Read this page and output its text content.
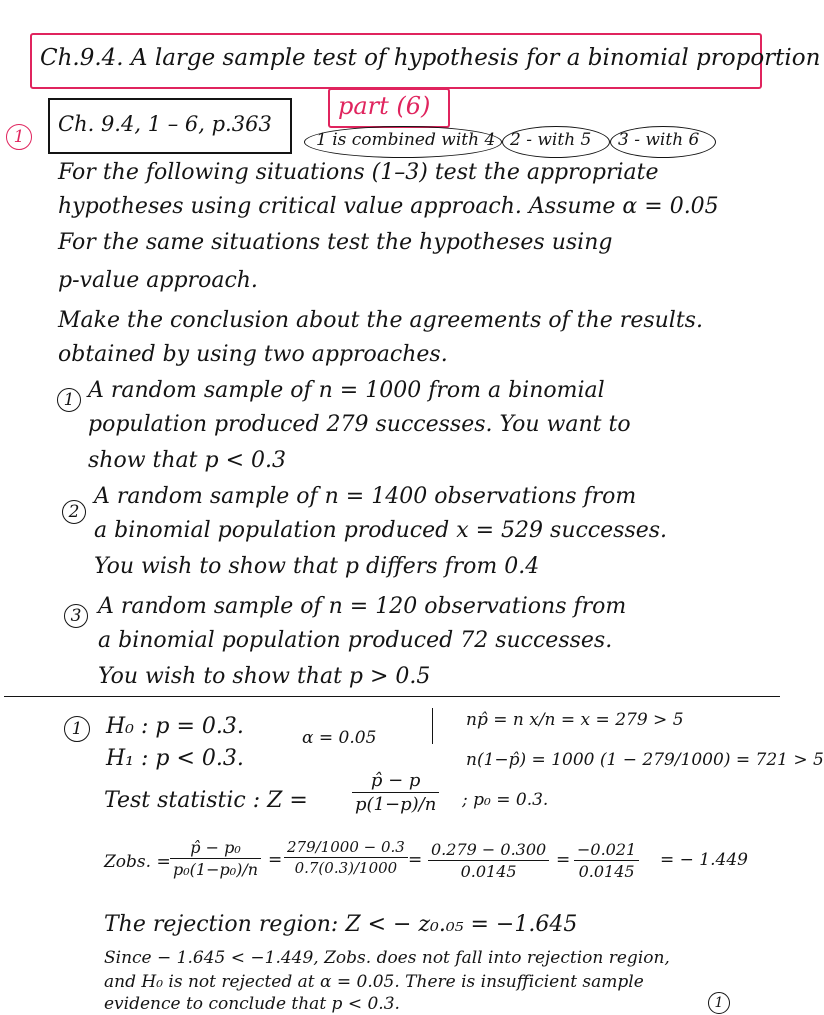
Ch.9.4. A large sample test of hypothesis for a binomial proportion
part (6)
1
Ch. 9.4, 1 – 6, p.363
1 is combined with 4 2 - with 5 3 - with 6
For the following situations (1–3) test the appropriate
hypotheses using critical value approach. Assume α = 0.05
For the same situations test the hypotheses using
p-value approach.
Make the conclusion about the agreements of the results.
obtained by using two approaches.
1 A random sample of n = 1000 from a binomial
population produced 279 successes. You want to
show that p < 0.3
2
A random sample of n = 1400 observations from
a binomial population produced x = 529 successes.
You wish to show that p differs from 0.4
3 A random sample of n = 120 observations from
a binomial population produced 72 successes.
You wish to show that p > 0.5
1	H₀ : p = 0.3.
H₁ : p < 0.3.
α = 0.05
np̂ = n x/n = x = 279 > 5
n(1−p̂) = 1000 (1 − 279/1000) = 721 > 5
Test statistic : $Z = \frac{p̂ - p}{p(1-p)/n}$ ; p₀ = 0.3.
Zobs. = $\frac{\text{p̂ − p₀}}{\text{p₀(1−p₀)/n}} = \frac{279/1000 - 0.3}{0.7(0.3)/1000} = \frac{0.279 - 0.300}{0.0145} = \frac{-0.021}{0.0145}$ = − 1.449
The rejection region: Z < − z₀.₀₅ = −1.645
Since − 1.645 < −1.449, Zobs. does not fall into rejection region,
and H₀ is not rejected at α = 0.05. There is insufficient sample
evidence to conclude that p < 0.3.	1
